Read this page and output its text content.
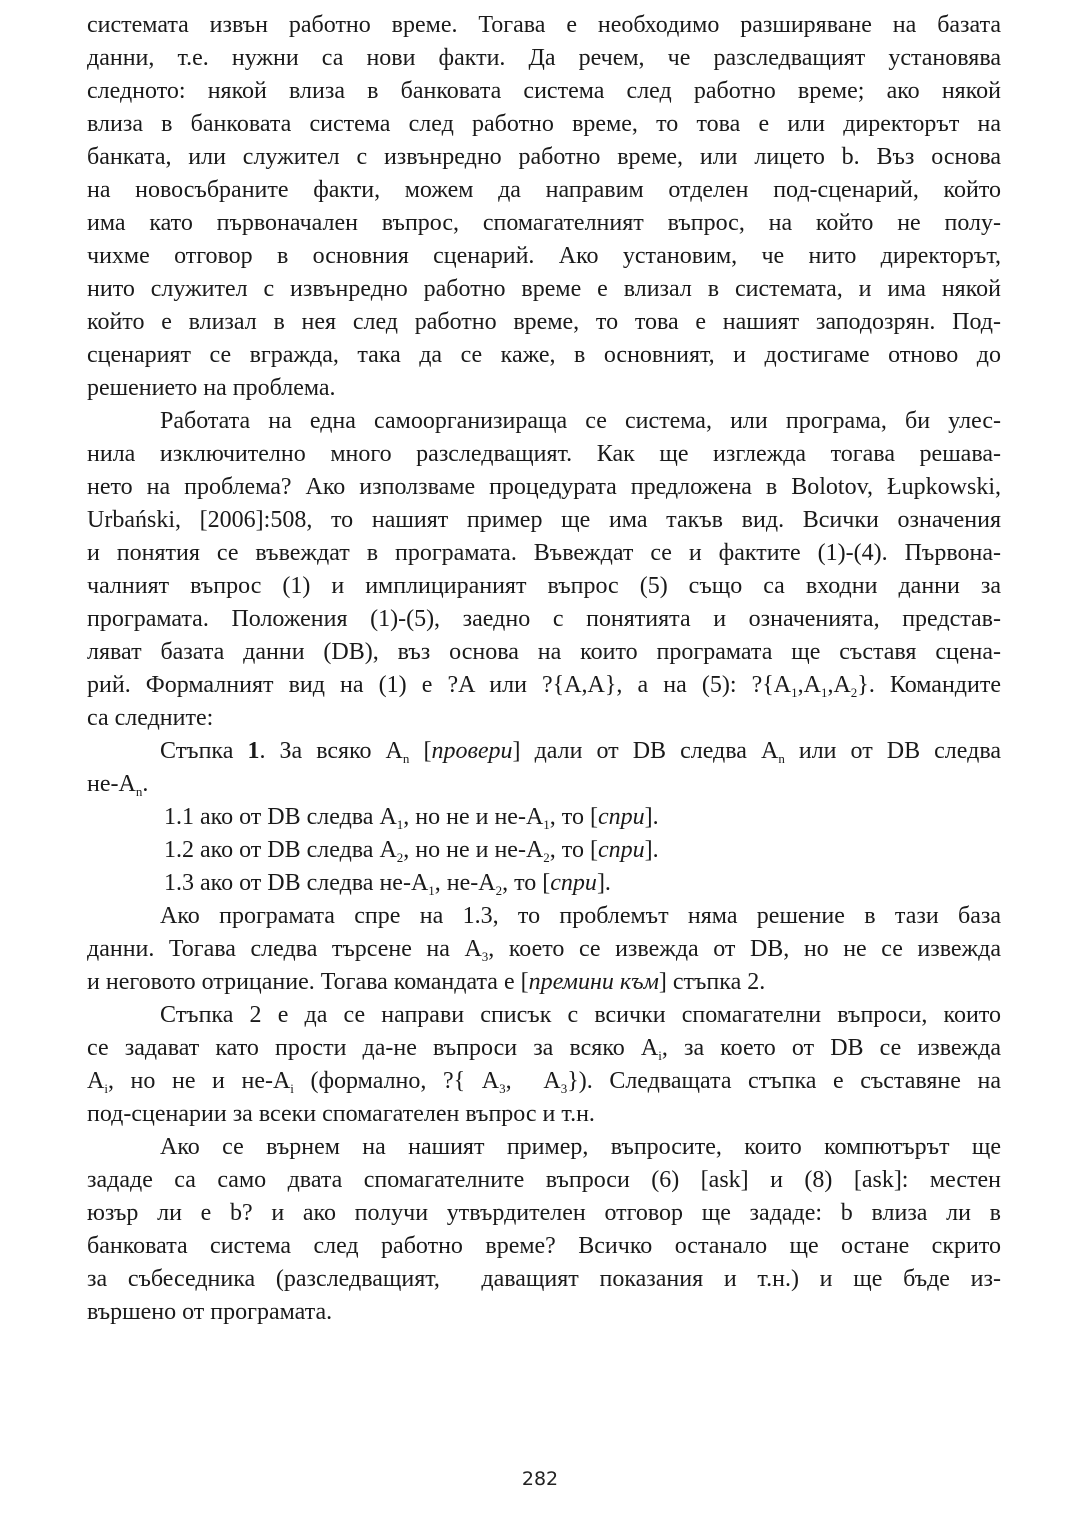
системата извън работно време. Тогава е необходимо разширяване на базата
данни, т.е. нужни са нови факти. Да речем, че разследващият установява
следното: някой влиза в банковата система след работно време; ако някой
влиза в банковата система след работно време, то това е или директорът на
банката, или служител с извънредно работно време, или лицето b. Въз основа
на новосъбраните факти, можем да направим отделен под-сценарий, който
има като първоначален въпрос, спомагателният въпрос, на който не полу-
чихме отговор в основния сценарий. Ако установим, че нито директорът,
нито служител с извънредно работно време е влизал в системата, и има някой
който е влизал в нея след работно време, то това е нашият заподозрян. Под-
сценарият се вгражда, така да се каже, в основният, и достигаме отново до
решението на проблема.
Работата на една самоорганизираща се система, или програма, би улес-
нила изключително много разследващият. Как ще изглежда тогава решава-
нето на проблема? Ако използваме процедурата предложена в Bolotov, Łupkowski,
Urbański, [2006]:508, то нашият пример ще има такъв вид. Всички означения
и понятия се въвеждат в програмата. Въвеждат се и фактите (1)-(4). Първона-
чалният въпрос (1) и имплицираният въпрос (5) също са входни данни за
програмата. Положения (1)-(5), заедно с понятията и означенията, представ-
ляват базата данни (DB), въз основа на които програмата ще съставя сцена-
рий. Формалният вид на (1) е ?A или ?{A,A}, а на (5): $?\{A_1,A_1,A_2\}$. Командите
са следните:
Стъпка 1. За всяко $A_n$ [провери] дали от DB следва $A_n$ или от DB следва
$не-A_n$.
1.1 ако от DB следва $A_1$, но не и $не-A_1$, то [спри].
1.2 ако от DB следва $A_2$, но не и $не-A_2$, то [спри].
1.3 ако от DB следва $не-A_1$, $не-A_2$, то [спри].
Ако програмата спре на 1.3, то проблемът няма решение в тази база
данни. Тогава следва търсене на $A_3$, което се извежда от DB, но не се извежда
и неговото отрицание. Тогава командата е [премини към] стъпка 2.
Стъпка 2 е да се направи списък с всички спомагателни въпроси, които
се задават като прости да-не въпроси за всяко $A_i$, за което от DB се извежда
$A_i$, но не и $не-A_i$ (формално, ?{ $A_3$,  $A_3$}). Следващата стъпка е съставяне на
под-сценарии за всеки спомагателен въпрос и т.н.
Ако се върнем на нашият пример, въпросите, които компютърът ще
зададе са само двата спомагателните въпроси (6) [ask] и (8) [ask]: местен
юзър ли е b? и ако получи утвърдителен отговор ще зададе: b влиза ли в
банковата система след работно време? Всичко останало ще остане скрито
за събеседника (разследващият,  даващият показания и т.н.) и ще бъде из-
вършено от програмата.
282
